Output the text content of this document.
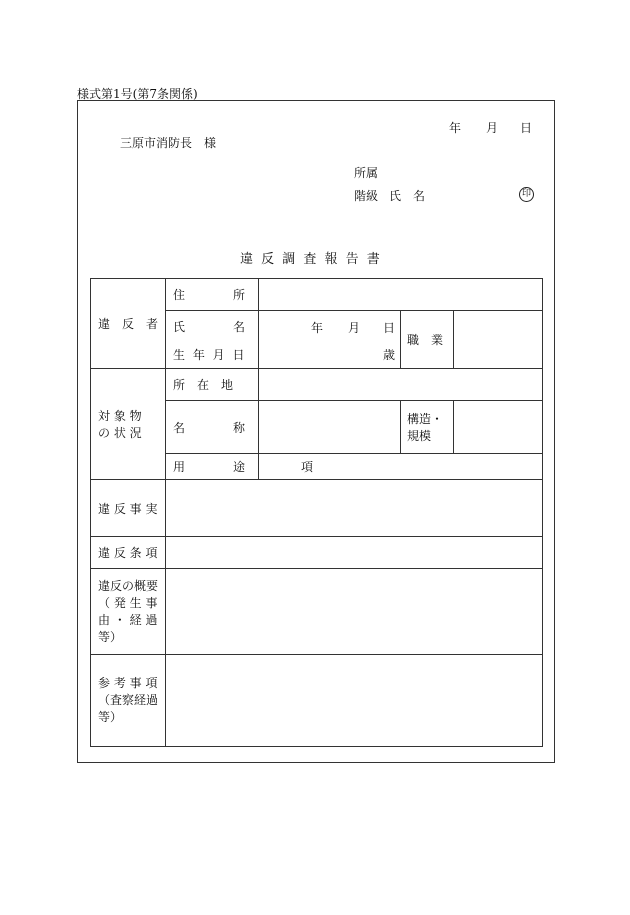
様式第1号(第7条関係)
年 月 日
三原市消防長　様
所属
階級 氏　名	印
違 反 調 査 報 告 書
違　反　者	住　　　　所			

	氏　　　　名	年 月 日	職　業	

	生 年 月 日	歳		

対 象 物
の 状 況	所　在　地			

	名　　　　称		構造・
規模	

	用　　　　途	項		

違 反 事 実				

違 反 条 項				

違反の概要
（ 発 生 事
由 ・ 経 過
等）				

参 考 事 項
（査察経過
等）				
